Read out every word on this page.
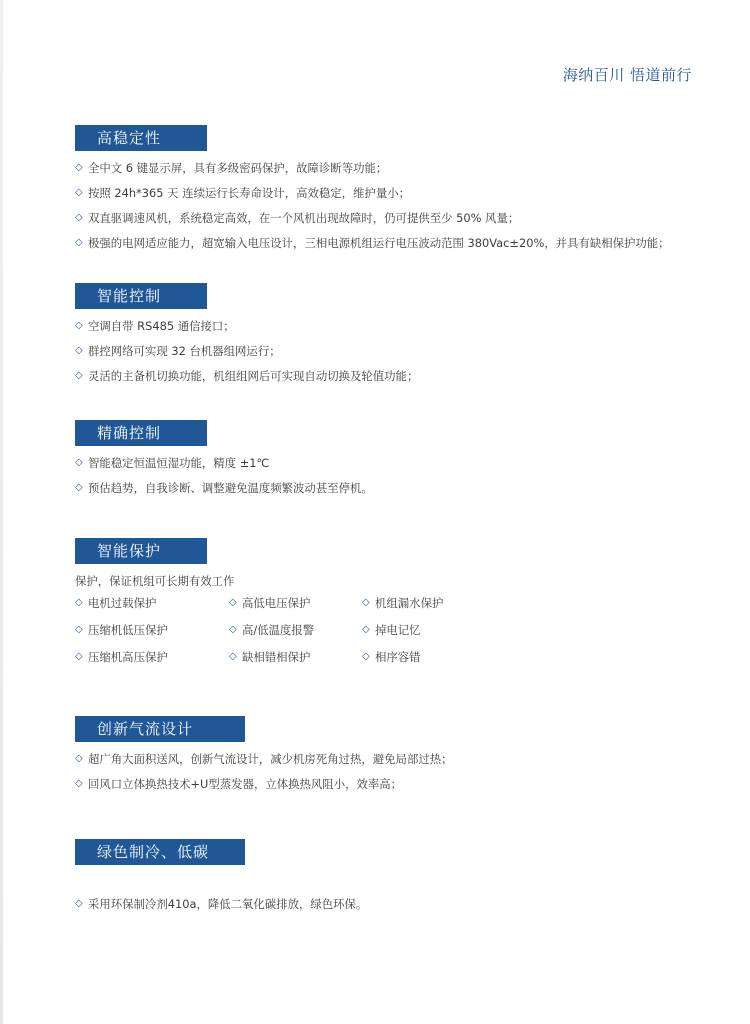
海纳百川 悟道前行
高稳定性
◇ 全中文 6 键显示屏，具有多级密码保护，故障诊断等功能；
◇ 按照 24h*365 天 连续运行长寿命设计，高效稳定，维护量小；
◇ 双直驱调速风机，系统稳定高效，在一个风机出现故障时，仍可提供至少 50% 风量；
◇ 极强的电网适应能力，超宽输入电压设计，三相电源机组运行电压波动范围 380Vac±20%，并具有缺相保护功能；
智能控制
◇ 空调自带 RS485 通信接口；
◇ 群控网络可实现 32 台机器组网运行；
◇ 灵活的主备机切换功能，机组组网后可实现自动切换及轮值功能；
精确控制
◇ 智能稳定恒温恒湿功能，精度 ±1℃
◇ 预估趋势，自我诊断、调整避免温度频繁波动甚至停机。
智能保护
保护，保证机组可长期有效工作
◇ 电机过载保护	◇ 高低电压保护	◇ 机组漏水保护
◇ 压缩机低压保护	◇ 高/低温度报警	◇ 掉电记忆
◇ 压缩机高压保护	◇ 缺相错相保护	◇ 相序容错
创新气流设计
◇ 超广角大面积送风，创新气流设计，减少机房死角过热，避免局部过热；
◇ 回风口立体换热技术+U型蒸发器，立体换热风阻小，效率高；
绿色制冷、低碳环保
◇ 采用环保制冷剂410a，降低二氧化碳排放，绿色环保。
